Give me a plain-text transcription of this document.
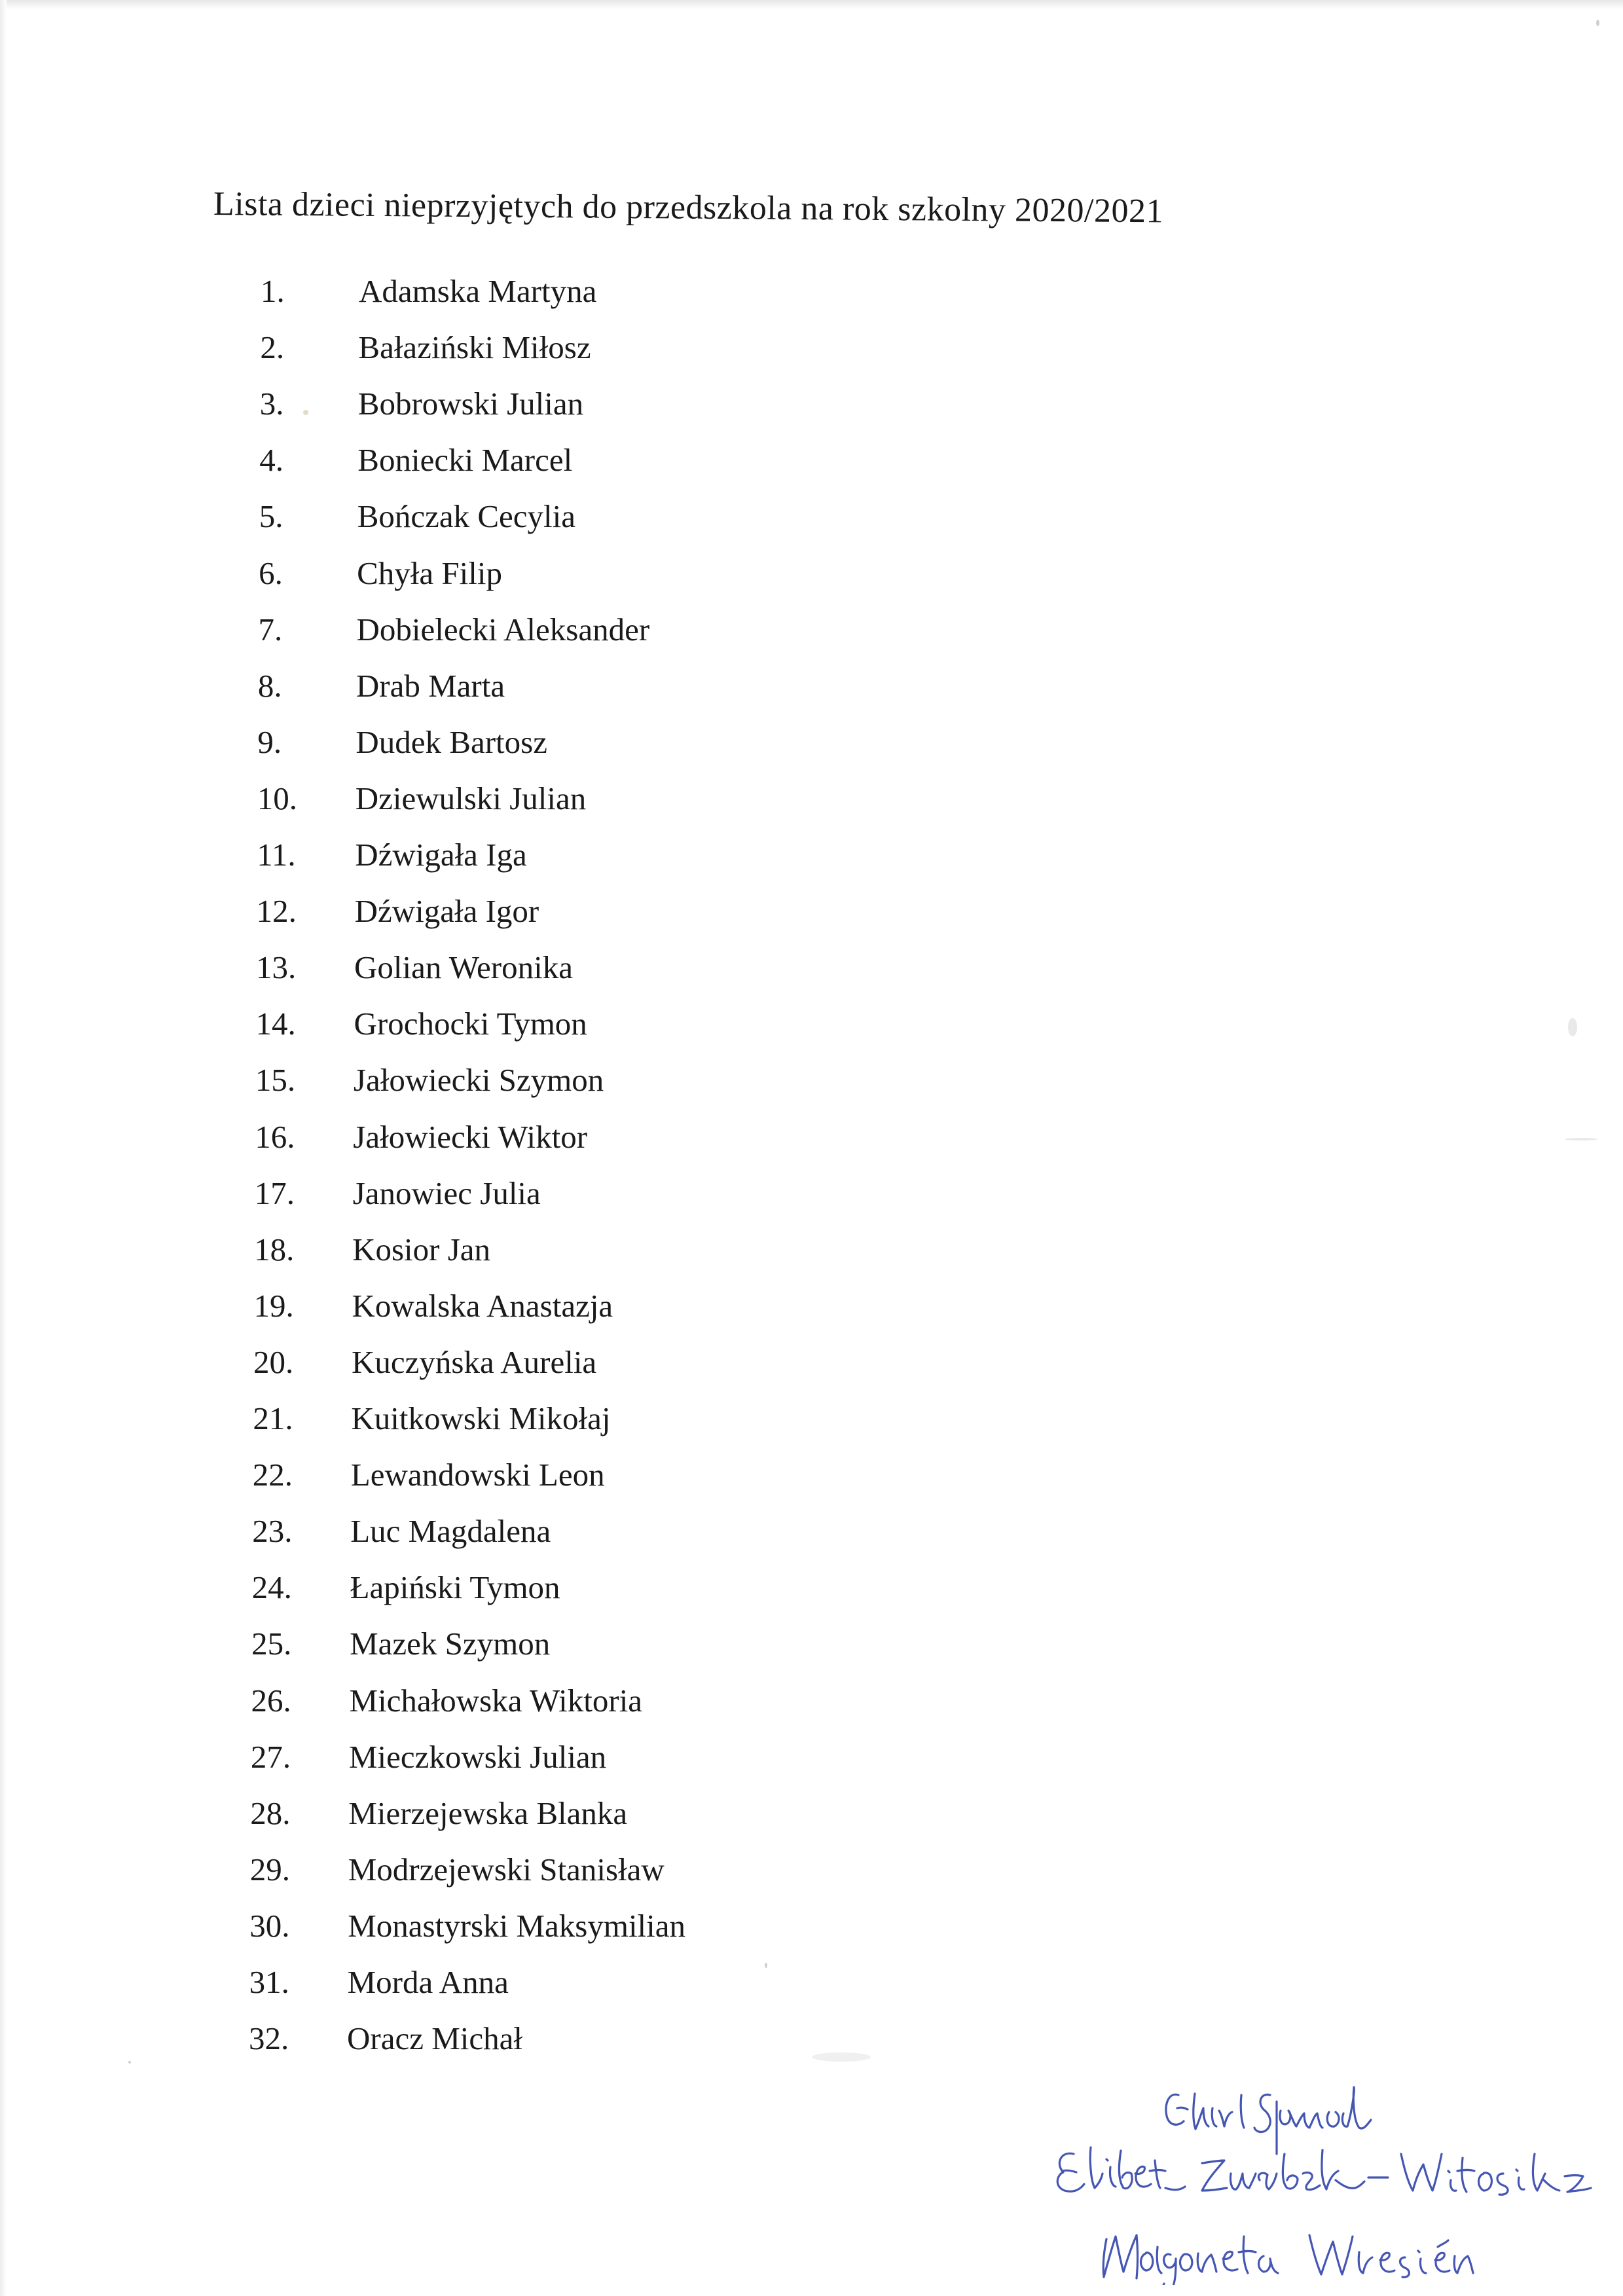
Lista dzieci nieprzyjętych do przedszkola na rok szkolny 2020/2021
1. Adamska Martyna
2. Bałaziński Miłosz
3. Bobrowski Julian
4. Boniecki Marcel
5. Bończak Cecylia
6. Chyła Filip
7. Dobielecki Aleksander
8. Drab Marta
9. Dudek Bartosz
10. Dziewulski Julian
11. Dźwigała Iga
12. Dźwigała Igor
13. Golian Weronika
14. Grochocki Tymon
15. Jałowiecki Szymon
16. Jałowiecki Wiktor
17. Janowiec Julia
18. Kosior Jan
19. Kowalska Anastazja
20. Kuczyńska Aurelia
21. Kuitkowski Mikołaj
22. Lewandowski Leon
23. Luc Magdalena
24. Łapiński Tymon
25. Mazek Szymon
26. Michałowska Wiktoria
27. Mieczkowski Julian
28. Mierzejewska Blanka
29. Modrzejewski Stanisław
30. Monastyrski Maksymilian
31. Morda Anna
32. Oracz Michał
